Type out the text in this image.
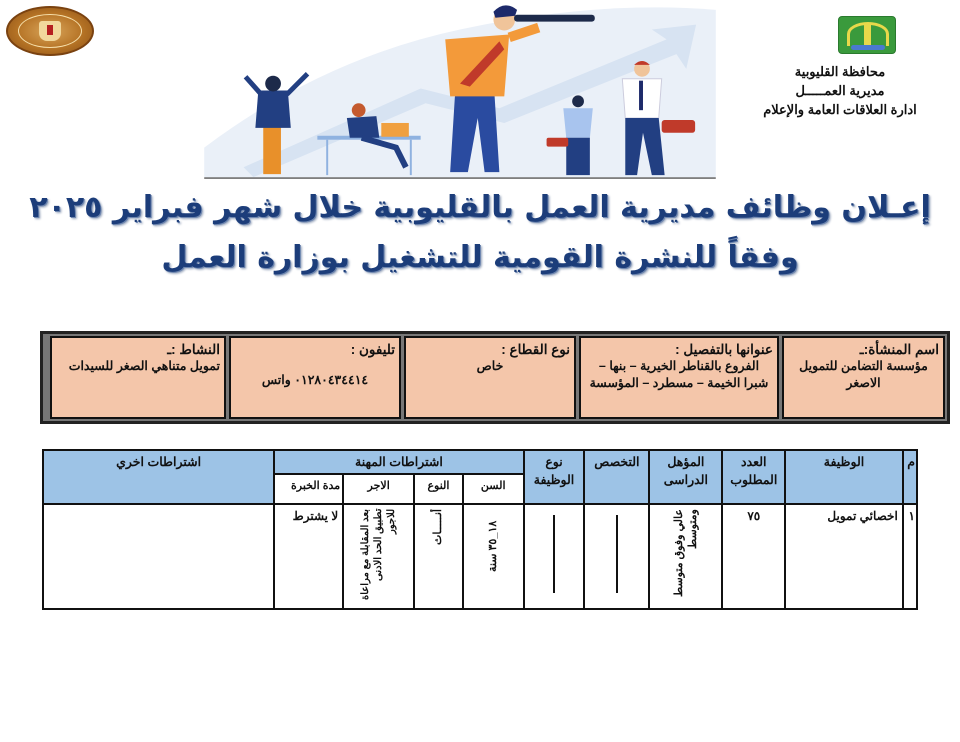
محافظة القليوبية
مديرية العمـــــل
ادارة العلاقات العامة والإعلام
إعـلان وظائف مديرية العمل بالقليوبية خلال شهر فبراير ٢٠٢٥
وفقاً للنشرة القومية للتشغيل بوزارة العمل
اسم المنشأة:ـ
مؤسسة التضامن للتمويل الاصغر
عنوانها بالتفصيل :
الفروع بالقناطر الخيرية – بنها – شبرا الخيمة – مسطرد – المؤسسة
نوع القطاع :
خاص
تليفون :
٠١٢٨٠٤٣٤٤١٤ واتس
النشاط :ـ
تمويل متناهي الصغر للسيدات
م	الوظيفة	العدد المطلوب	المؤهل الدراسى	التخصص	نوع الوظيفة	اشتراطات المهنة				اشتراطات اخري
						السن	النوع	الاجر	مدة الخبرة	
١	اخصائي تمويل	٧٥	عالي وفوق متوسط ومتوسط			١٨_٣٥ سنة	أنـــــاث	بعد المقابلة مع مراعاة تطبيق الحد الادنى للاجور	لا يشترط	
